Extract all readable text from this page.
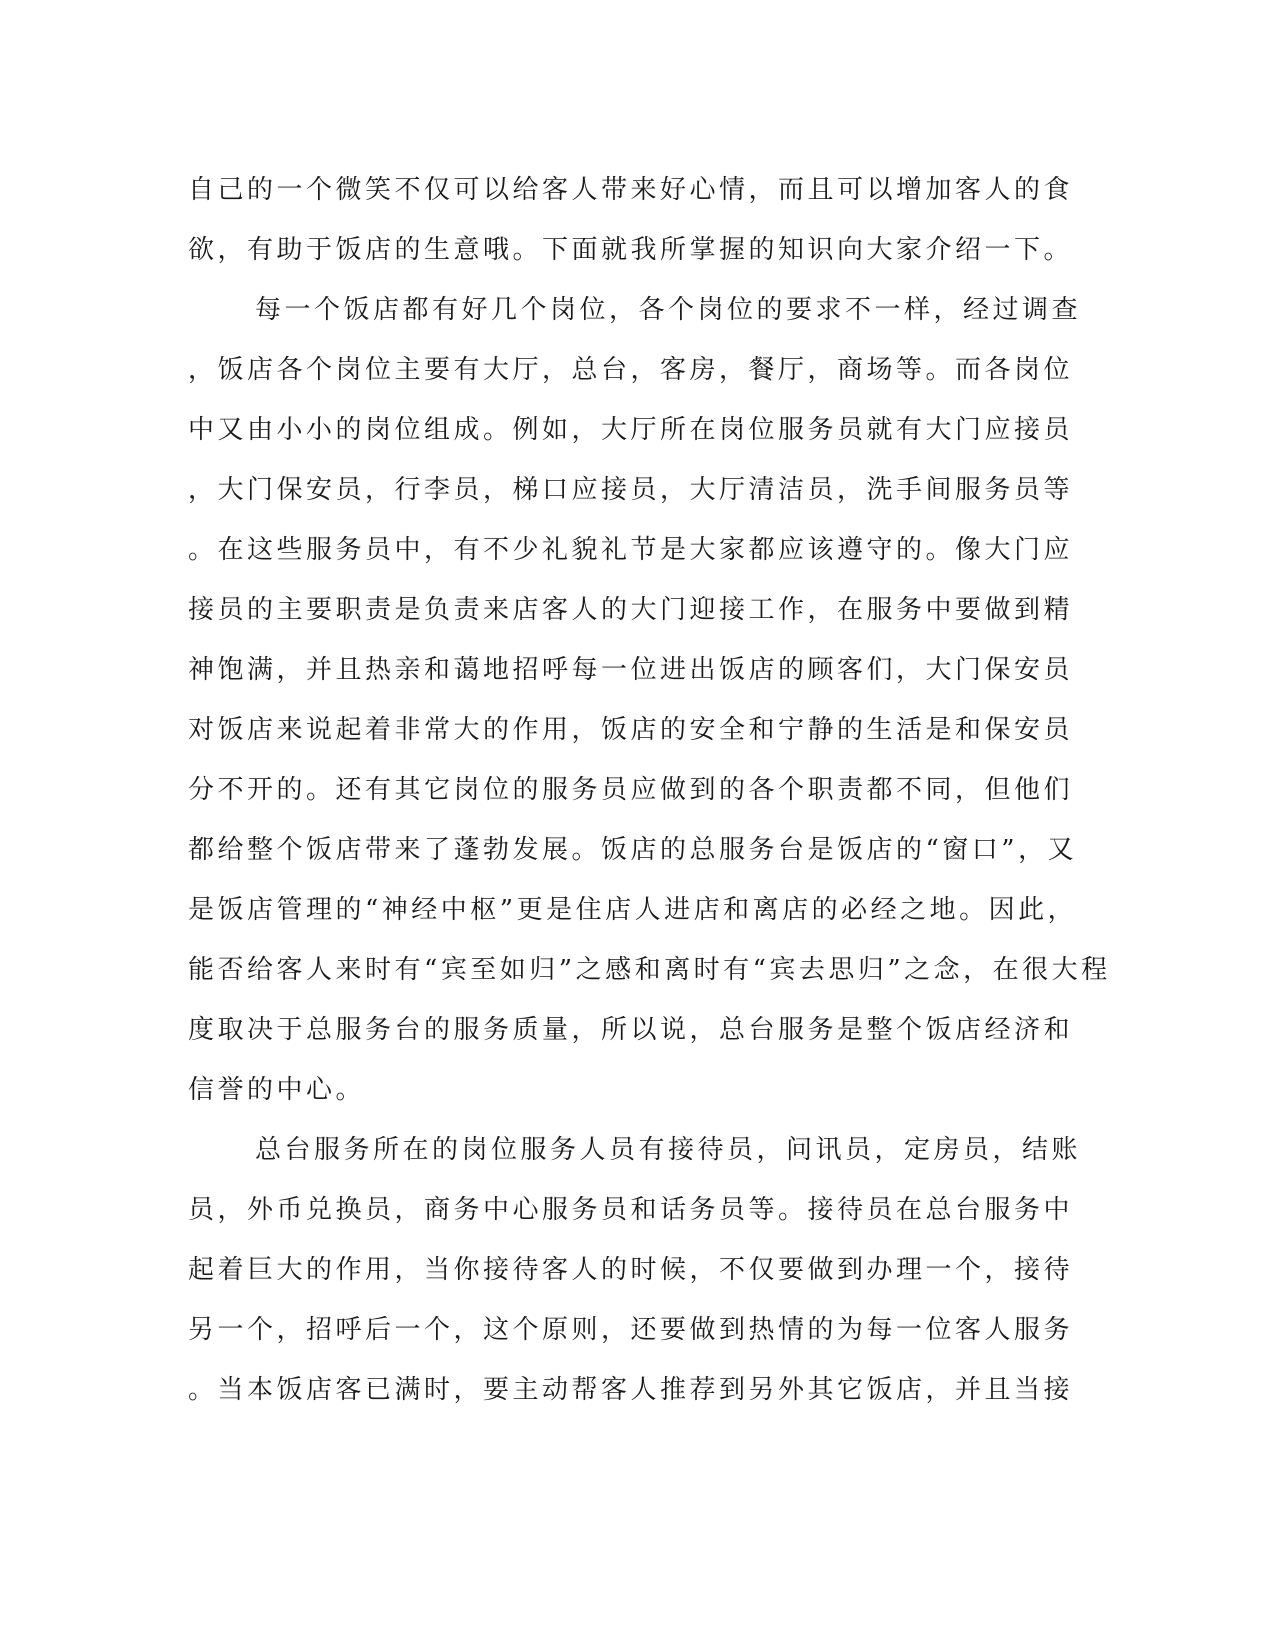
自己的一个微笑不仅可以给客人带来好心情，而且可以增加客人的食
欲，有助于饭店的生意哦。下面就我所掌握的知识向大家介绍一下。
每一个饭店都有好几个岗位，各个岗位的要求不一样，经过调查
，饭店各个岗位主要有大厅，总台，客房，餐厅，商场等。而各岗位
中又由小小的岗位组成。例如，大厅所在岗位服务员就有大门应接员
，大门保安员，行李员，梯口应接员，大厅清洁员，洗手间服务员等
。在这些服务员中，有不少礼貌礼节是大家都应该遵守的。像大门应
接员的主要职责是负责来店客人的大门迎接工作，在服务中要做到精
神饱满，并且热亲和蔼地招呼每一位进出饭店的顾客们，大门保安员
对饭店来说起着非常大的作用，饭店的安全和宁静的生活是和保安员
分不开的。还有其它岗位的服务员应做到的各个职责都不同，但他们
都给整个饭店带来了蓬勃发展。饭店的总服务台是饭店的“窗口”，又
是饭店管理的“神经中枢”更是住店人进店和离店的必经之地。因此，
能否给客人来时有“宾至如归”之感和离时有“宾去思归”之念，在很大程
度取决于总服务台的服务质量，所以说，总台服务是整个饭店经济和
信誉的中心。
总台服务所在的岗位服务人员有接待员，问讯员，定房员，结账
员，外币兑换员，商务中心服务员和话务员等。接待员在总台服务中
起着巨大的作用，当你接待客人的时候，不仅要做到办理一个，接待
另一个，招呼后一个，这个原则，还要做到热情的为每一位客人服务
。当本饭店客已满时，要主动帮客人推荐到另外其它饭店，并且当接
